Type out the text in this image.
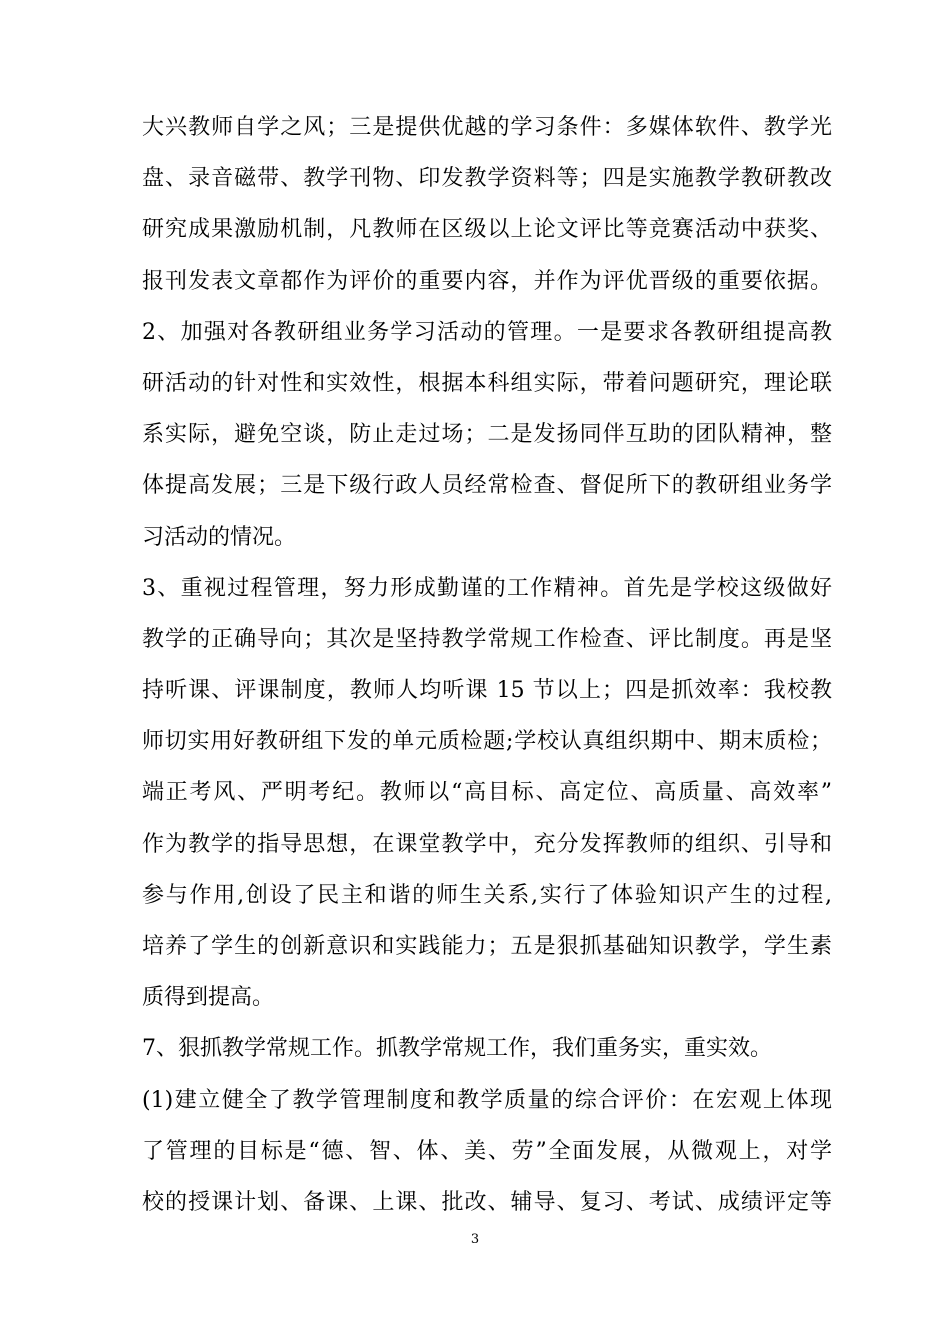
大兴教师自学之风；三是提供优越的学习条件：多媒体软件、教学光
盘、录音磁带、教学刊物、印发教学资料等；四是实施教学教研教改
研究成果激励机制，凡教师在区级以上论文评比等竞赛活动中获奖、
报刊发表文章都作为评价的重要内容，并作为评优晋级的重要依据。
2、加强对各教研组业务学习活动的管理。一是要求各教研组提高教
研活动的针对性和实效性，根据本科组实际，带着问题研究，理论联
系实际，避免空谈，防止走过场；二是发扬同伴互助的团队精神，整
体提高发展；三是下级行政人员经常检查、督促所下的教研组业务学
习活动的情况。
3、重视过程管理，努力形成勤谨的工作精神。首先是学校这级做好
教学的正确导向；其次是坚持教学常规工作检查、评比制度。再是坚
持听课、评课制度，教师人均听课 15 节以上；四是抓效率：我校教
师切实用好教研组下发的单元质检题;学校认真组织期中、期末质检；
端正考风、严明考纪。教师以“高目标、高定位、高质量、高效率”
作为教学的指导思想，在课堂教学中，充分发挥教师的组织、引导和
参与作用,创设了民主和谐的师生关系,实行了体验知识产生的过程,
培养了学生的创新意识和实践能力；五是狠抓基础知识教学，学生素
质得到提高。
7、狠抓教学常规工作。抓教学常规工作，我们重务实，重实效。
(1)建立健全了教学管理制度和教学质量的综合评价：在宏观上体现
了管理的目标是“德、智、体、美、劳”全面发展，从微观上，对学
校的授课计划、备课、上课、批改、辅导、复习、考试、成绩评定等
3
